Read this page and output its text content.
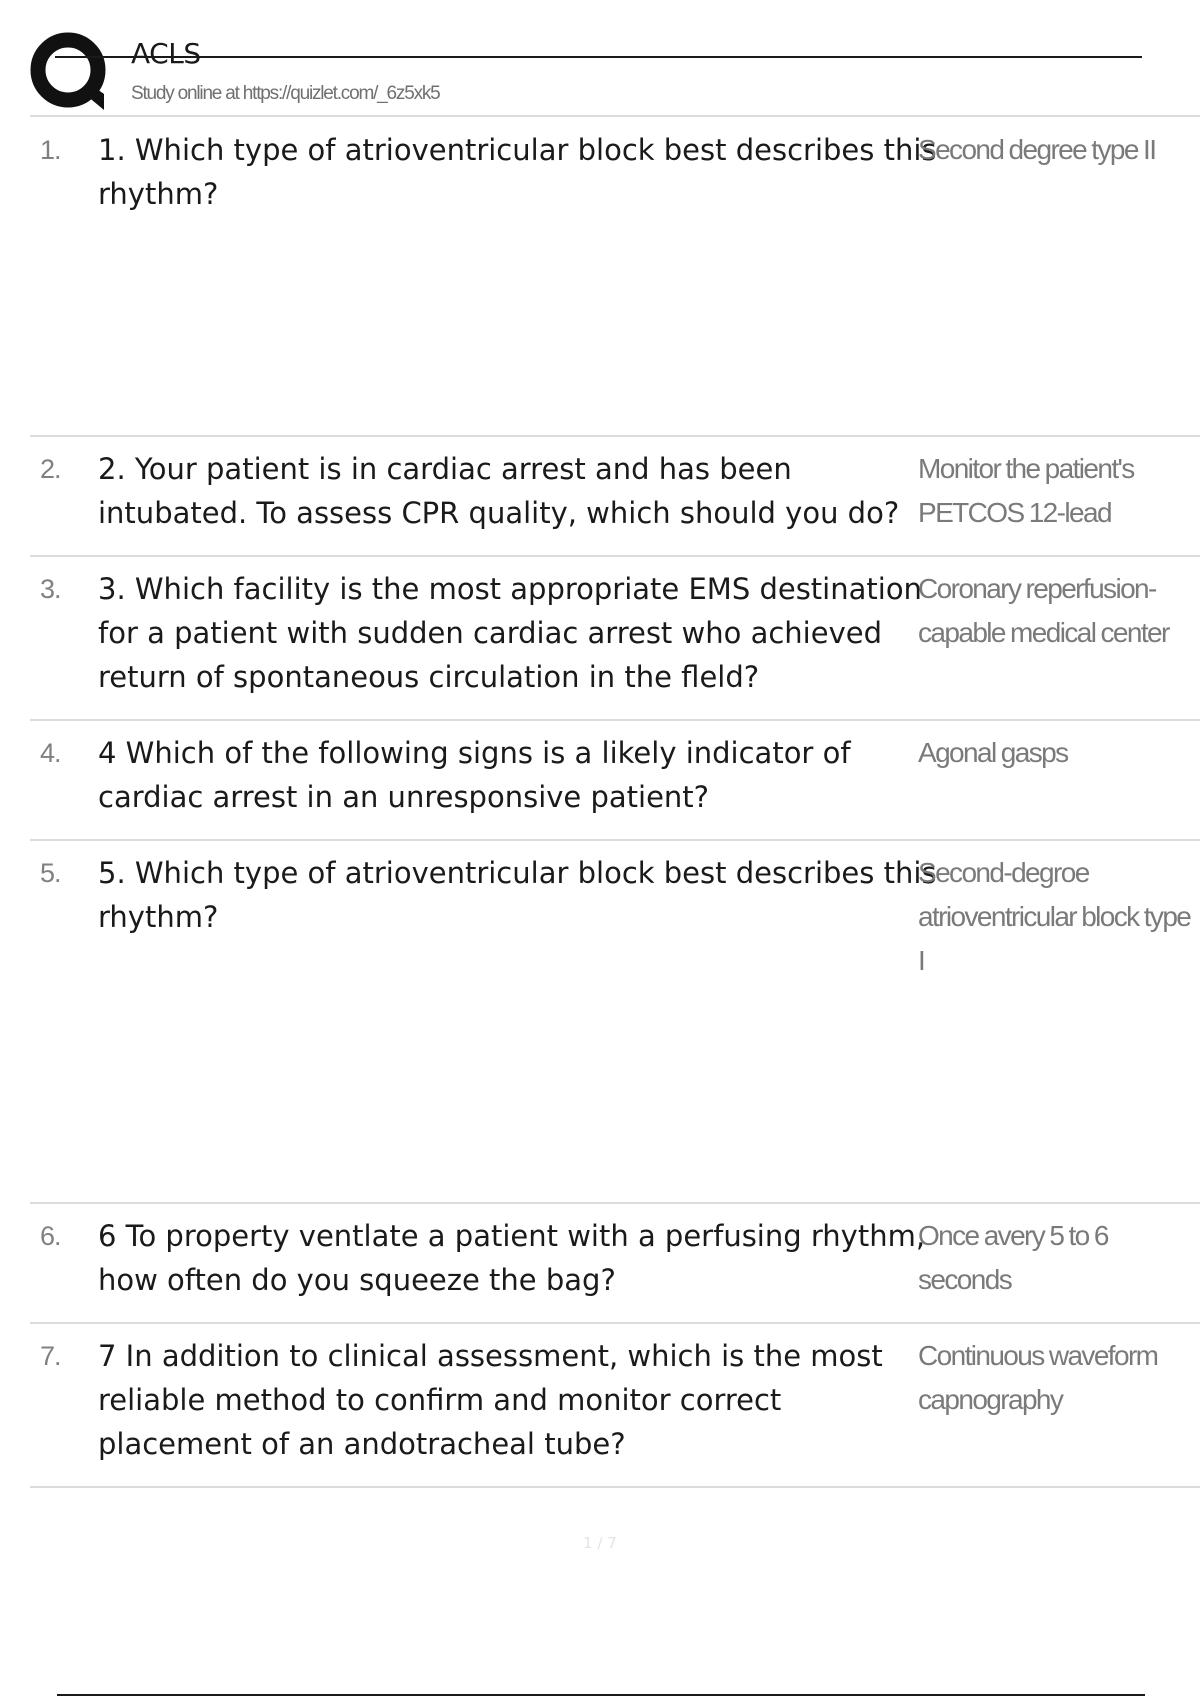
ACLS
Study online at https://quizlet.com/_6z5xk5
1. 1. Which type of atrioventricular block best describes this rhythm?
Second degree type II
2. 2. Your patient is in cardiac arrest and has been intubated. To assess CPR quality, which should you do?
Monitor the patient's PETCOS 12-lead
3. 3. Which facility is the most appropriate EMS destination for a patient with sudden cardiac arrest who achieved return of spontaneous circulation in the fleld?
Coronary reperfusion-capable medical center
4. 4 Which of the following signs is a likely indicator of cardiac arrest in an unresponsive patient?
Agonal gasps
5. 5. Which type of atrioventricular block best describes this rhythm?
Second-degroe atrioventricular block type I
6. 6 To property ventlate a patient with a perfusing rhythm, how often do you squeeze the bag?
Once avery 5 to 6 seconds
7. 7 In addition to clinical assessment, which is the most reliable method to confirm and monitor correct placement of an andotracheal tube?
Continuous waveform capnography
1 / 7
